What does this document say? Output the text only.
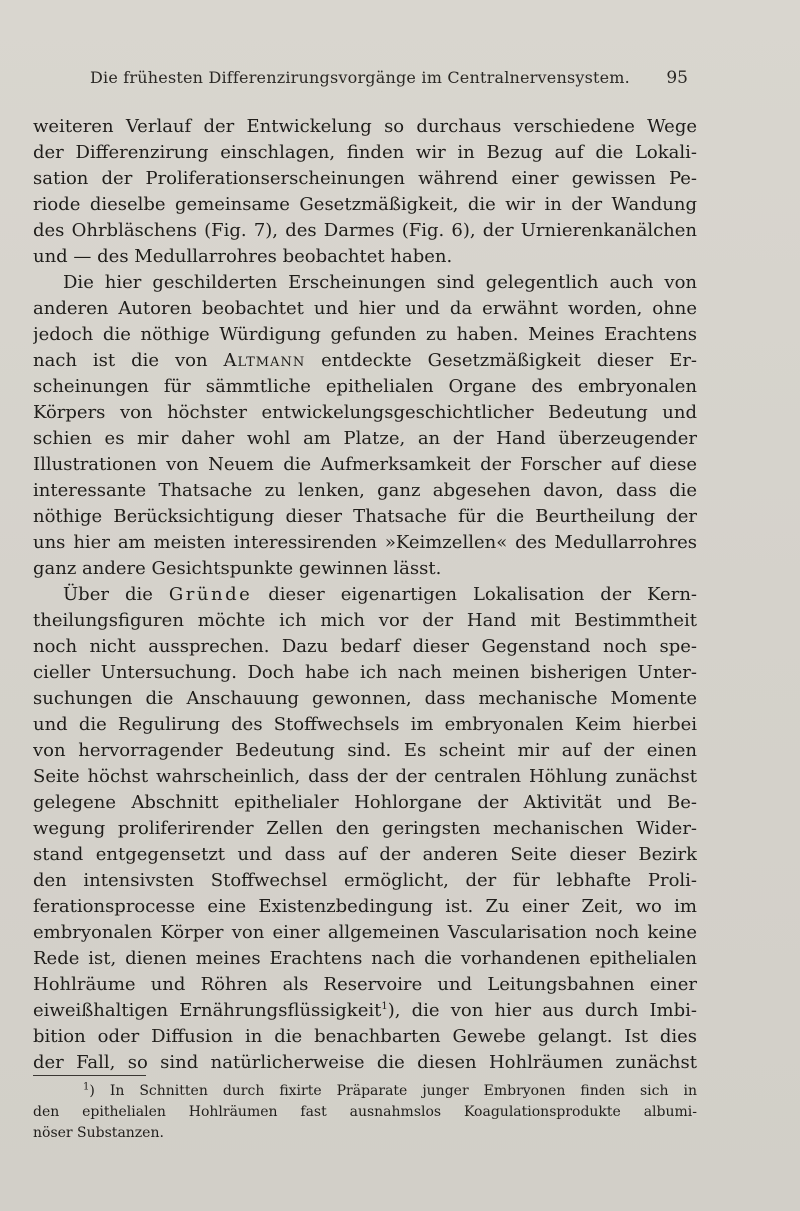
Die frühesten Differenzirungsvorgänge im Centralnervensystem. 95
weiteren Verlauf der Entwickelung so durchaus verschiedene Wege
der Differenzirung einschlagen, finden wir in Bezug auf die Lokali-
sation der Proliferationserscheinungen während einer gewissen Pe-
riode dieselbe gemeinsame Gesetzmäßigkeit, die wir in der Wandung
des Ohrbläschens (Fig. 7), des Darmes (Fig. 6), der Urnierenkanälchen
und — des Medullarrohres beobachtet haben.
Die hier geschilderten Erscheinungen sind gelegentlich auch von
anderen Autoren beobachtet und hier und da erwähnt worden, ohne
jedoch die nöthige Würdigung gefunden zu haben. Meines Erachtens
nach ist die von Altmann entdeckte Gesetzmäßigkeit dieser Er-
scheinungen für sämmtliche epithelialen Organe des embryonalen
Körpers von höchster entwickelungsgeschichtlicher Bedeutung und
schien es mir daher wohl am Platze, an der Hand überzeugender
Illustrationen von Neuem die Aufmerksamkeit der Forscher auf diese
interessante Thatsache zu lenken, ganz abgesehen davon, dass die
nöthige Berücksichtigung dieser Thatsache für die Beurtheilung der
uns hier am meisten interessirenden »Keimzellen« des Medullarrohres
ganz andere Gesichtspunkte gewinnen lässt.
Über die Gründe dieser eigenartigen Lokalisation der Kern-
theilungsfiguren möchte ich mich vor der Hand mit Bestimmtheit
noch nicht aussprechen. Dazu bedarf dieser Gegenstand noch spe-
cieller Untersuchung. Doch habe ich nach meinen bisherigen Unter-
suchungen die Anschauung gewonnen, dass mechanische Momente
und die Regulirung des Stoffwechsels im embryonalen Keim hierbei
von hervorragender Bedeutung sind. Es scheint mir auf der einen
Seite höchst wahrscheinlich, dass der der centralen Höhlung zunächst
gelegene Abschnitt epithelialer Hohlorgane der Aktivität und Be-
wegung proliferirender Zellen den geringsten mechanischen Wider-
stand entgegensetzt und dass auf der anderen Seite dieser Bezirk
den intensivsten Stoffwechsel ermöglicht, der für lebhafte Proli-
ferationsprocesse eine Existenzbedingung ist. Zu einer Zeit, wo im
embryonalen Körper von einer allgemeinen Vascularisation noch keine
Rede ist, dienen meines Erachtens nach die vorhandenen epithelialen
Hohlräume und Röhren als Reservoire und Leitungsbahnen einer
eiweißhaltigen Ernährungsflüssigkeit$^1$), die von hier aus durch Imbi-
bition oder Diffusion in die benachbarten Gewebe gelangt. Ist dies
der Fall, so sind natürlicherweise die diesen Hohlräumen zunächst
$^1$) In Schnitten durch fixirte Präparate junger Embryonen finden sich in
den epithelialen Hohlräumen fast ausnahmslos Koagulationsprodukte albumi-
nöser Substanzen.
